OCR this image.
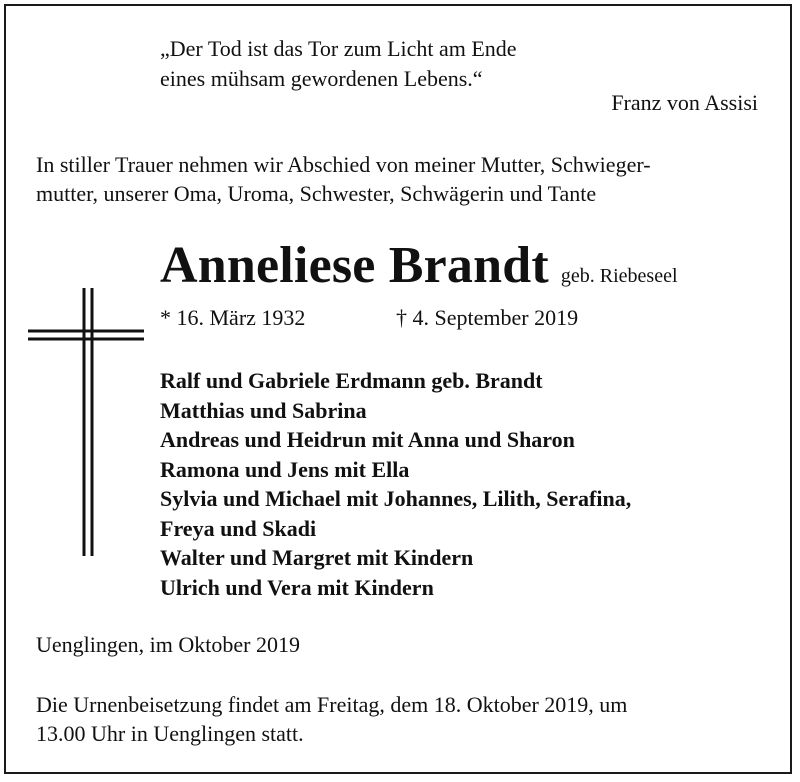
„Der Tod ist das Tor zum Licht am Ende
eines mühsam gewordenen Lebens.“
Franz von Assisi
In stiller Trauer nehmen wir Abschied von meiner Mutter, Schwieger-
mutter, unserer Oma, Uroma, Schwester, Schwägerin und Tante
Anneliese Brandt geb. Riebeseel
* 16. März 1932	† 4. September 2019
Ralf und Gabriele Erdmann geb. Brandt
Matthias und Sabrina
Andreas und Heidrun mit Anna und Sharon
Ramona und Jens mit Ella
Sylvia und Michael mit Johannes, Lilith, Serafina,
Freya und Skadi
Walter und Margret mit Kindern
Ulrich und Vera mit Kindern
Uenglingen, im Oktober 2019
Die Urnenbeisetzung findet am Freitag, dem 18. Oktober 2019, um
13.00 Uhr in Uenglingen statt.
